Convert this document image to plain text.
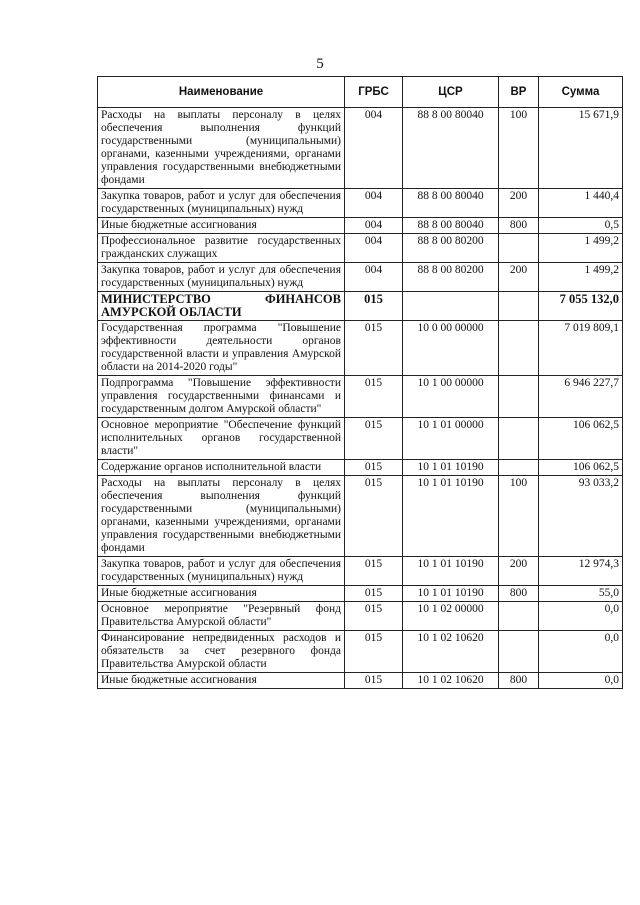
5
Наименование	ГРБС	ЦСР	ВР	Сумма
Расходы на выплаты персоналу в целях обеспечения выполнения функций государственными (муниципальными) органами, казенными учреждениями, органами управления государственными внебюджетными фондами	004	88 8 00 80040	100	15 671,9
Закупка товаров, работ и услуг для обеспечения государственных (муниципальных) нужд	004	88 8 00 80040	200	1 440,4
Иные бюджетные ассигнования	004	88 8 00 80040	800	0,5
Профессиональное развитие государственных гражданских служащих	004	88 8 00 80200		1 499,2
Закупка товаров, работ и услуг для обеспечения государственных (муниципальных) нужд	004	88 8 00 80200	200	1 499,2
МИНИСТЕРСТВО ФИНАНСОВ АМУРСКОЙ ОБЛАСТИ	015			7 055 132,0
Государственная программа "Повышение эффективности деятельности органов государственной власти и управления Амурской области на 2014-2020 годы"	015	10 0 00 00000		7 019 809,1
Подпрограмма "Повышение эффективности управления государственными финансами и государственным долгом Амурской области"	015	10 1 00 00000		6 946 227,7
Основное мероприятие "Обеспечение функций исполнительных органов государственной власти"	015	10 1 01 00000		106 062,5
Содержание органов исполнительной власти	015	10 1 01 10190		106 062,5
Расходы на выплаты персоналу в целях обеспечения выполнения функций государственными (муниципальными) органами, казенными учреждениями, органами управления государственными внебюджетными фондами	015	10 1 01 10190	100	93 033,2
Закупка товаров, работ и услуг для обеспечения государственных (муниципальных) нужд	015	10 1 01 10190	200	12 974,3
Иные бюджетные ассигнования	015	10 1 01 10190	800	55,0
Основное мероприятие "Резервный фонд Правительства Амурской области"	015	10 1 02 00000		0,0
Финансирование непредвиденных расходов и обязательств за счет резервного фонда Правительства Амурской области	015	10 1 02 10620		0,0
Иные бюджетные ассигнования	015	10 1 02 10620	800	0,0
